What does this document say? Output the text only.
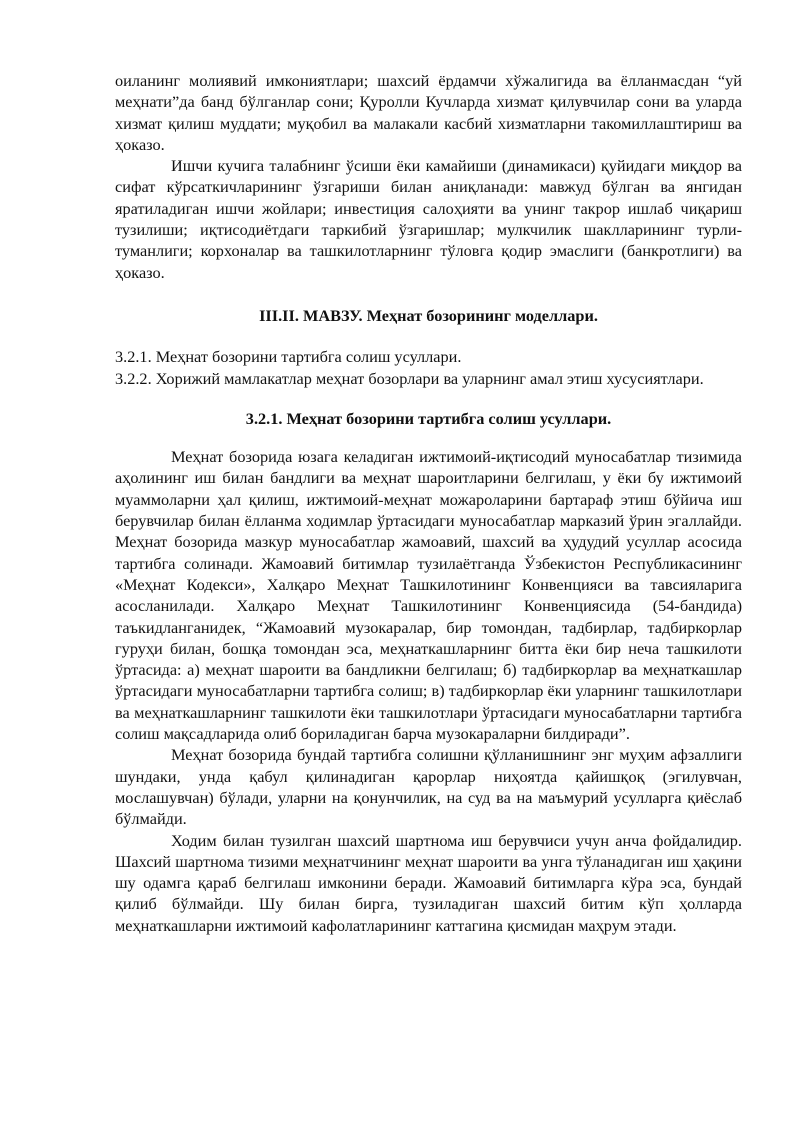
оиланинг молиявий имкониятлари; шахсий ёрдамчи хўжалигида ва ёлланмасдан “уй меҳнати”да банд бўлганлар сони; Қуролли Кучларда хизмат қилувчилар сони ва уларда хизмат қилиш муддати; муқобил ва малакали касбий хизматларни такомиллаштириш ва ҳоказо.

Ишчи кучига талабнинг ўсиши ёки камайиши (динамикаси) қуйидаги миқдор ва сифат кўрсаткичларининг ўзгариши билан аниқланади: мавжуд бўлган ва янгидан яратиладиган ишчи жойлари; инвестиция салоҳияти ва унинг такрор ишлаб чиқариш тузилиши; иқтисодиётдаги таркибий ўзгаришлар; мулкчилик шаклларининг турли-туманлиги; корхоналар ва ташкилотларнинг тўловга қодир эмаслиги (банкротлиги) ва ҳоказо.

III.II. МАВЗУ. Меҳнат бозорининг моделлари.

3.2.1. Меҳнат бозорини тартибга солиш усуллари.

3.2.2. Хорижий мамлакатлар меҳнат бозорлари ва уларнинг амал этиш хусусиятлари.

3.2.1. Меҳнат бозорини тартибга солиш усуллари.

Меҳнат бозорида юзага келадиган ижтимоий-иқтисодий муносабатлар тизимида аҳолининг иш билан бандлиги ва меҳнат шароитларини белгилаш, у ёки бу ижтимоий муаммоларни ҳал қилиш, ижтимоий-меҳнат можароларини бартараф этиш бўйича иш берувчилар билан ёлланма ходимлар ўртасидаги муносабатлар марказий ўрин эгаллайди. Меҳнат бозорида мазкур муносабатлар жамоавий, шахсий ва ҳудудий усуллар асосида тартибга солинади. Жамоавий битимлар тузилаётганда Ўзбекистон Республикасининг «Меҳнат Кодекси», Халқаро Меҳнат Ташкилотининг Конвенцияси ва тавсияларига асосланилади. Халқаро Меҳнат Ташкилотининг Конвенциясида (54-бандида) таъкидланганидек, “Жамоавий музокаралар, бир томондан, тадбирлар, тадбиркорлар гуруҳи билан, бошқа томондан эса, меҳнаткашларнинг битта ёки бир неча ташкилоти ўртасида: а) меҳнат шароити ва бандликни белгилаш; б) тадбиркорлар ва меҳнаткашлар ўртасидаги муносабатларни тартибга солиш; в) тадбиркорлар ёки уларнинг ташкилотлари ва меҳнаткашларнинг ташкилоти ёки ташкилотлари ўртасидаги муносабатларни тартибга солиш мақсадларида олиб бориладиган барча музокараларни билдиради”.

Меҳнат бозорида бундай тартибга солишни қўлланишнинг энг муҳим афзаллиги шундаки, унда қабул қилинадиган қарорлар ниҳоятда қайишқоқ (эгилувчан, мослашувчан) бўлади, уларни на қонунчилик, на суд ва на маъмурий усулларга қиёслаб бўлмайди.

Ходим билан тузилган шахсий шартнома иш берувчиси учун анча фойдалидир. Шахсий шартнома тизими меҳнатчининг меҳнат шароити ва унга тўланадиган иш ҳақини шу одамга қараб белгилаш имконини беради. Жамоавий битимларга кўра эса, бундай қилиб бўлмайди. Шу билан бирга, тузиладиган шахсий битим кўп ҳолларда меҳнаткашларни ижтимоий кафолатларининг каттагина қисмидан маҳрум этади.
